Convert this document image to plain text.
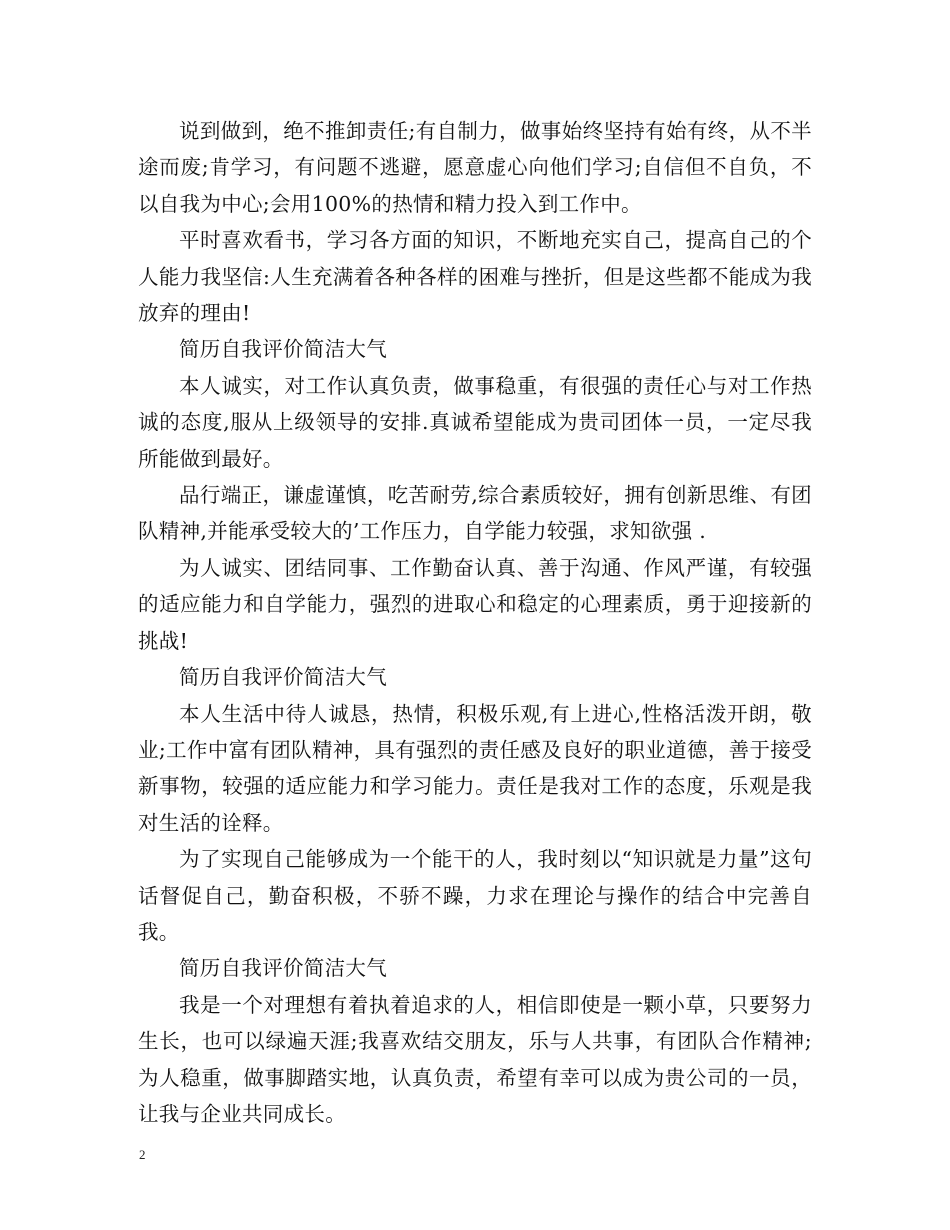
说到做到，绝不推卸责任;有自制力，做事始终坚持有始有终，从不半途而废;肯学习，有问题不逃避，愿意虚心向他们学习;自信但不自负，不以自我为中心;会用100%的热情和精力投入到工作中。

平时喜欢看书，学习各方面的知识，不断地充实自己，提高自己的个人能力我坚信:人生充满着各种各样的困难与挫折，但是这些都不能成为我放弃的理由!

简历自我评价简洁大气

本人诚实，对工作认真负责，做事稳重，有很强的责任心与对工作热诚的态度,服从上级领导的安排.真诚希望能成为贵司团体一员，一定尽我所能做到最好。

品行端正，谦虚谨慎，吃苦耐劳,综合素质较好，拥有创新思维、有团队精神,并能承受较大的’工作压力，自学能力较强，求知欲强 .

为人诚实、团结同事、工作勤奋认真、善于沟通、作风严谨，有较强的适应能力和自学能力，强烈的进取心和稳定的心理素质，勇于迎接新的挑战!

简历自我评价简洁大气

本人生活中待人诚恳，热情，积极乐观,有上进心,性格活泼开朗，敬业;工作中富有团队精神，具有强烈的责任感及良好的职业道德，善于接受新事物，较强的适应能力和学习能力。责任是我对工作的态度，乐观是我对生活的诠释。

为了实现自己能够成为一个能干的人，我时刻以“知识就是力量”这句话督促自己，勤奋积极，不骄不躁，力求在理论与操作的结合中完善自我。

简历自我评价简洁大气

我是一个对理想有着执着追求的人，相信即使是一颗小草，只要努力生长，也可以绿遍天涯;我喜欢结交朋友，乐与人共事，有团队合作精神;为人稳重，做事脚踏实地，认真负责，希望有幸可以成为贵公司的一员，让我与企业共同成长。

2
